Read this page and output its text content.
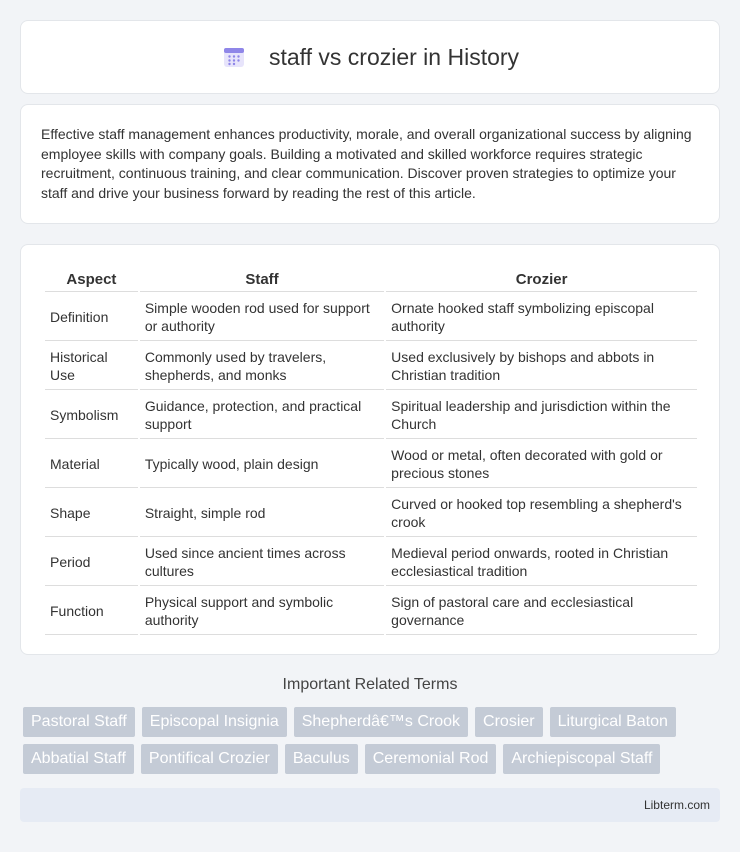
staff vs crozier in History

Effective staff management enhances productivity, morale, and overall organizational success by aligning employee skills with company goals. Building a motivated and skilled workforce requires strategic recruitment, continuous training, and clear communication. Discover proven strategies to optimize your staff and drive your business forward by reading the rest of this article.

Aspect	Staff	Crozier
Definition	Simple wooden rod used for support or authority	Ornate hooked staff symbolizing episcopal authority
Historical Use	Commonly used by travelers, shepherds, and monks	Used exclusively by bishops and abbots in Christian tradition
Symbolism	Guidance, protection, and practical support	Spiritual leadership and jurisdiction within the Church
Material	Typically wood, plain design	Wood or metal, often decorated with gold or precious stones
Shape	Straight, simple rod	Curved or hooked top resembling a shepherd's crook
Period	Used since ancient times across cultures	Medieval period onwards, rooted in Christian ecclesiastical tradition
Function	Physical support and symbolic authority	Sign of pastoral care and ecclesiastical governance
Important Related Terms
Pastoral Staff	Episcopal Insignia	Shepherdâ€™s Crook	Crosier	Liturgical Baton
Abbatial Staff	Pontifical Crozier	Baculus	Ceremonial Rod	Archiepiscopal Staff
Libterm.com
